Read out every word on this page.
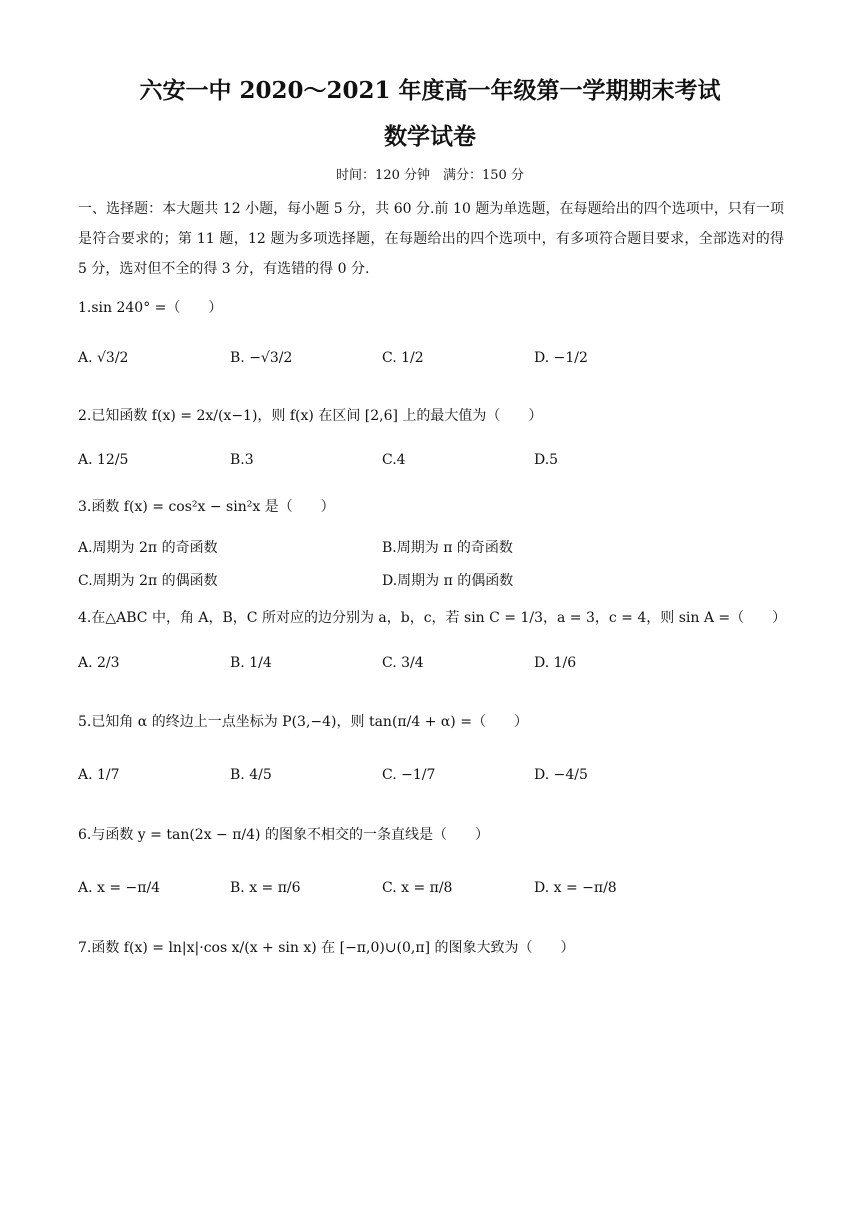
六安一中 2020～2021 年度高一年级第一学期期末考试
数学试卷
时间：120 分钟　满分：150 分
一、选择题：本大题共 12 小题，每小题 5 分，共 60 分.前 10 题为单选题，在每题给出的四个选项中，只有一项是符合要求的；第 11 题，12 题为多项选择题，在每题给出的四个选项中，有多项符合题目要求，全部选对的得 5 分，选对但不全的得 3 分，有选错的得 0 分.
1.sin 240° =（　　）
A. √3/2	B. −√3/2	C. 1/2	D. −1/2
2.已知函数 f(x) = 2x/(x−1)，则 f(x) 在区间 [2,6] 上的最大值为（　　）
A. 12/5	B.3	C.4	D.5
3.函数 f(x) = cos²x − sin²x 是（　　）
A.周期为 2π 的奇函数	B.周期为 π 的奇函数
C.周期为 2π 的偶函数	D.周期为 π 的偶函数
4.在△ABC 中，角 A，B，C 所对应的边分别为 a，b，c，若 sin C = 1/3，a = 3，c = 4，则 sin A =（　　）
A. 2/3	B. 1/4	C. 3/4	D. 1/6
5.已知角 α 的终边上一点坐标为 P(3,−4)，则 tan(π/4 + α) =（　　）
A. 1/7	B. 4/5	C. −1/7	D. −4/5
6.与函数 y = tan(2x − π/4) 的图象不相交的一条直线是（　　）
A. x = −π/4	B. x = π/6	C. x = π/8	D. x = −π/8
7.函数 f(x) = ln|x|·cos x/(x + sin x) 在 [−π,0)∪(0,π] 的图象大致为（　　）
